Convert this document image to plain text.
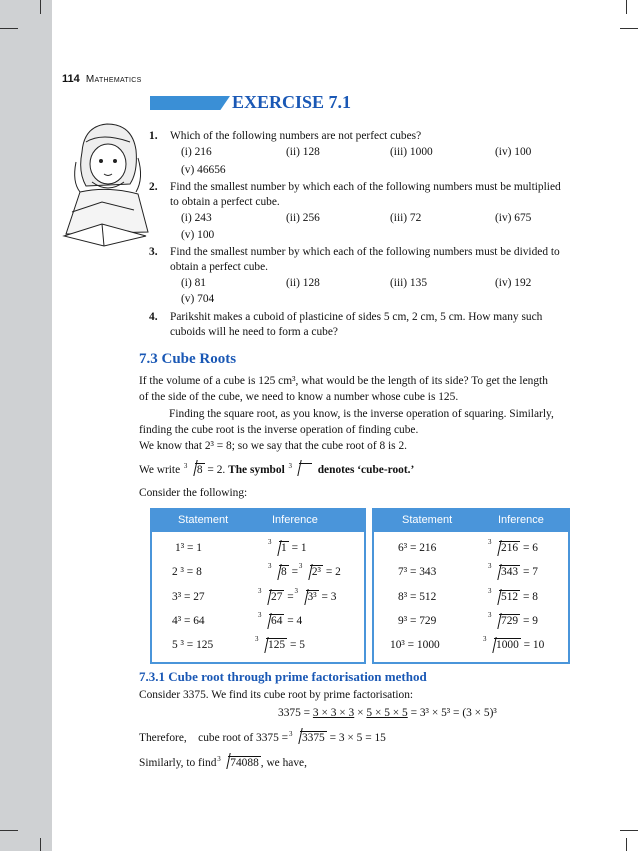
114 Mathematics
EXERCISE 7.1
1. Which of the following numbers are not perfect cubes?
(i) 216	(ii) 128	(iii) 1000	(iv) 100
(v) 46656
2. Find the smallest number by which each of the following numbers must be multiplied
to obtain a perfect cube.
(i) 243	(ii) 256	(iii) 72	(iv) 675
(v) 100
3. Find the smallest number by which each of the following numbers must be divided to
obtain a perfect cube.
(i) 81	(ii) 128	(iii) 135	(iv) 192
(v) 704
4. Parikshit makes a cuboid of plasticine of sides 5 cm, 2 cm, 5 cm. How many such
cuboids will he need to form a cube?
7.3 Cube Roots
If the volume of a cube is 125 cm³, what would be the length of its side? To get the length
of the side of the cube, we need to know a number whose cube is 125.
Finding the square root, as you know, is the inverse operation of squaring. Similarly,
finding the cube root is the inverse operation of finding cube.
We know that 2³ = 8; so we say that the cube root of 8 is 2.
We write 3 8 = 2. The symbol 3 denotes ‘cube-root.’
Consider the following:
Statement	Inference	Statement	Inference
1³ = 1	3 1 = 1
2 ³ = 8	3 8 = 3 2³ = 2
3³ = 27	3 27 = 3 3³ = 3
4³ = 64	3 64 = 4
5 ³ = 125	3 125 = 5
6³ = 216	3 216 = 6
7³ = 343	3 343 = 7
8³ = 512	3 512 = 8
9³ = 729	3 729 = 9
10³ = 1000	3 1000 = 10
7.3.1 Cube root through prime factorisation method
Consider 3375. We find its cube root by prime factorisation:
3375 = 3 × 3 × 3 × 5 × 5 × 5 = 3³ × 5³ = (3 × 5)³
Therefore, cube root of 3375 = 3 3375 = 3 × 5 = 15
Similarly, to find 3 74088 , we have,
